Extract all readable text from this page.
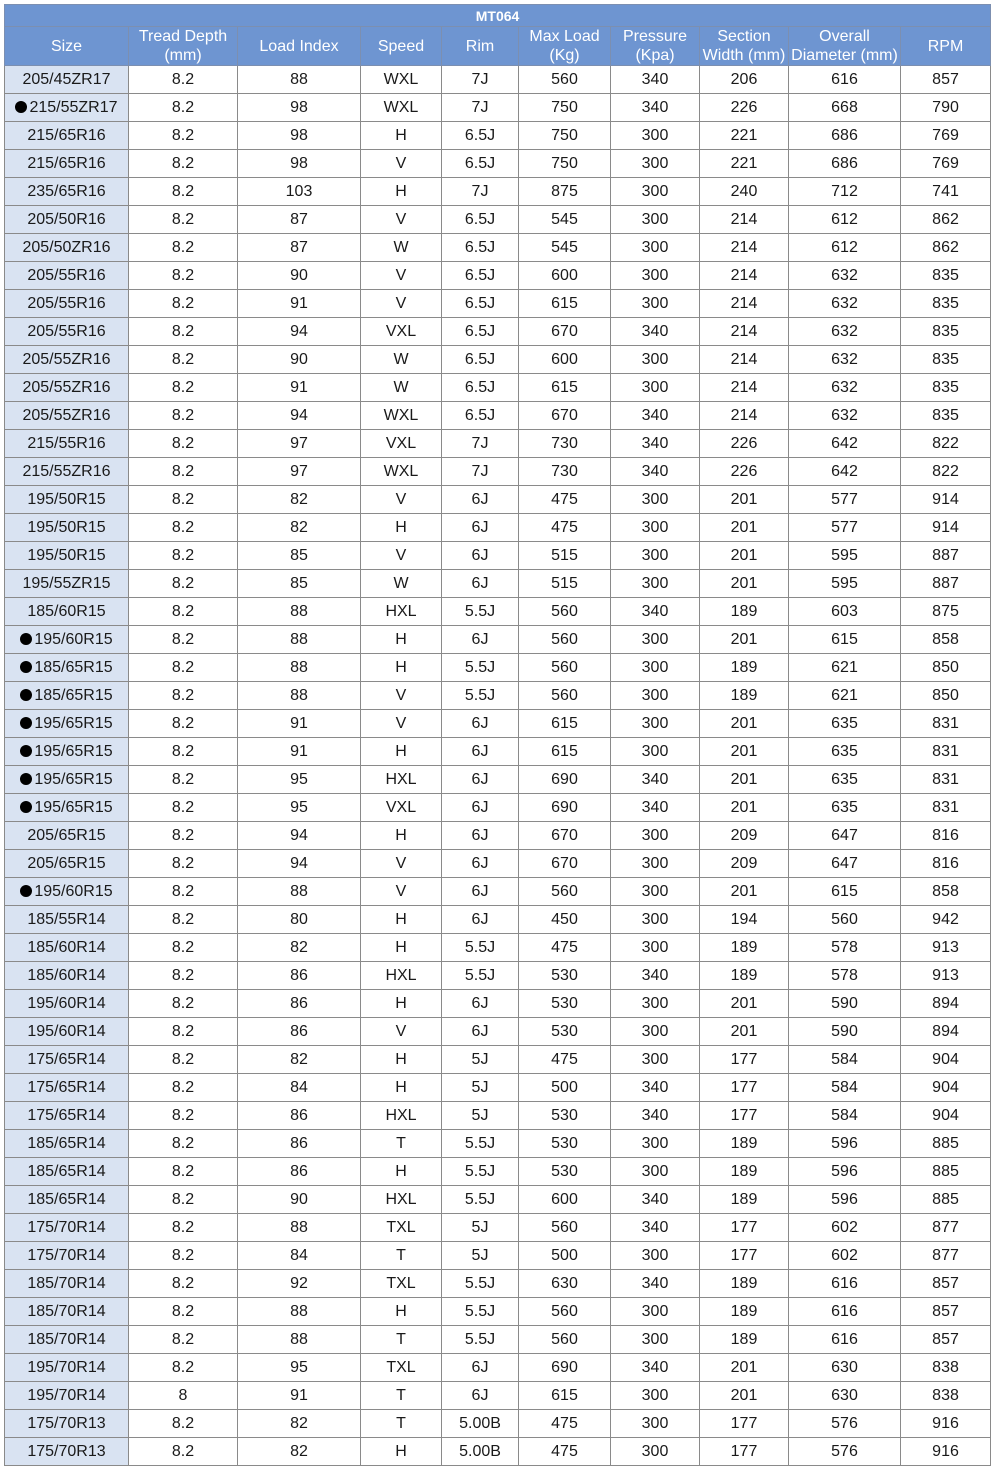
MT064									
Size	Tread Depth (mm)	Load Index	Speed	Rim	Max Load (Kg)	Pressure (Kpa)	Section Width (mm)	Overall Diameter (mm)	RPM
205/45ZR17	8.2	88	WXL	7J	560	340	206	616	857
215/55ZR17	8.2	98	WXL	7J	750	340	226	668	790
215/65R16	8.2	98	H	6.5J	750	300	221	686	769
215/65R16	8.2	98	V	6.5J	750	300	221	686	769
235/65R16	8.2	103	H	7J	875	300	240	712	741
205/50R16	8.2	87	V	6.5J	545	300	214	612	862
205/50ZR16	8.2	87	W	6.5J	545	300	214	612	862
205/55R16	8.2	90	V	6.5J	600	300	214	632	835
205/55R16	8.2	91	V	6.5J	615	300	214	632	835
205/55R16	8.2	94	VXL	6.5J	670	340	214	632	835
205/55ZR16	8.2	90	W	6.5J	600	300	214	632	835
205/55ZR16	8.2	91	W	6.5J	615	300	214	632	835
205/55ZR16	8.2	94	WXL	6.5J	670	340	214	632	835
215/55R16	8.2	97	VXL	7J	730	340	226	642	822
215/55ZR16	8.2	97	WXL	7J	730	340	226	642	822
195/50R15	8.2	82	V	6J	475	300	201	577	914
195/50R15	8.2	82	H	6J	475	300	201	577	914
195/50R15	8.2	85	V	6J	515	300	201	595	887
195/55ZR15	8.2	85	W	6J	515	300	201	595	887
185/60R15	8.2	88	HXL	5.5J	560	340	189	603	875
195/60R15	8.2	88	H	6J	560	300	201	615	858
185/65R15	8.2	88	H	5.5J	560	300	189	621	850
185/65R15	8.2	88	V	5.5J	560	300	189	621	850
195/65R15	8.2	91	V	6J	615	300	201	635	831
195/65R15	8.2	91	H	6J	615	300	201	635	831
195/65R15	8.2	95	HXL	6J	690	340	201	635	831
195/65R15	8.2	95	VXL	6J	690	340	201	635	831
205/65R15	8.2	94	H	6J	670	300	209	647	816
205/65R15	8.2	94	V	6J	670	300	209	647	816
195/60R15	8.2	88	V	6J	560	300	201	615	858
185/55R14	8.2	80	H	6J	450	300	194	560	942
185/60R14	8.2	82	H	5.5J	475	300	189	578	913
185/60R14	8.2	86	HXL	5.5J	530	340	189	578	913
195/60R14	8.2	86	H	6J	530	300	201	590	894
195/60R14	8.2	86	V	6J	530	300	201	590	894
175/65R14	8.2	82	H	5J	475	300	177	584	904
175/65R14	8.2	84	H	5J	500	340	177	584	904
175/65R14	8.2	86	HXL	5J	530	340	177	584	904
185/65R14	8.2	86	T	5.5J	530	300	189	596	885
185/65R14	8.2	86	H	5.5J	530	300	189	596	885
185/65R14	8.2	90	HXL	5.5J	600	340	189	596	885
175/70R14	8.2	88	TXL	5J	560	340	177	602	877
175/70R14	8.2	84	T	5J	500	300	177	602	877
185/70R14	8.2	92	TXL	5.5J	630	340	189	616	857
185/70R14	8.2	88	H	5.5J	560	300	189	616	857
185/70R14	8.2	88	T	5.5J	560	300	189	616	857
195/70R14	8.2	95	TXL	6J	690	340	201	630	838
195/70R14	8	91	T	6J	615	300	201	630	838
175/70R13	8.2	82	T	5.00B	475	300	177	576	916
175/70R13	8.2	82	H	5.00B	475	300	177	576	916
